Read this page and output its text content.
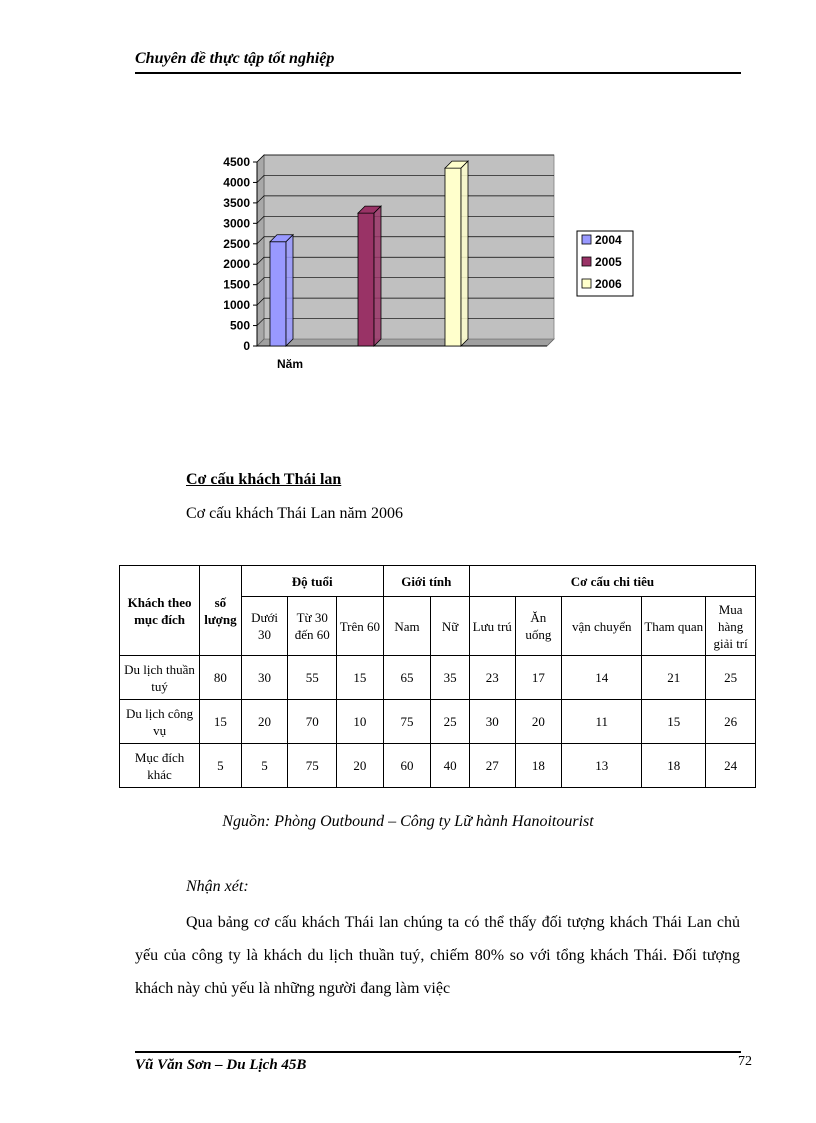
Chuyên đề thực tập tốt nghiệp
0
500
1000
1500
2000
2500
3000
3500
4000
4500
Năm
2004
2005
2006
Cơ cấu khách Thái lan
Cơ cấu khách Thái Lan năm 2006
Khách theo mục đích	số lượng	Độ tuổi			Giới tính		Cơ cấu chi tiêu				
		Dưới 30	Từ 30 đến 60	Trên 60	Nam	Nữ	Lưu trú	Ăn uống	vận chuyển	Tham quan	Mua hàng giải trí
Du lịch thuần tuý	80	30	55	15	65	35	23	17	14	21	25
Du lịch công vụ	15	20	70	10	75	25	30	20	11	15	26
Mục đích khác	5	5	75	20	60	40	27	18	13	18	24
Nguồn: Phòng Outbound – Công ty Lữ hành Hanoitourist
Nhận xét:
Qua bảng cơ cấu khách Thái lan chúng ta có thể thấy đối tượng khách Thái Lan chủ yếu của công ty là khách du lịch thuần tuý, chiếm 80% so với tổng khách Thái. Đối tượng khách này chủ yếu là những người đang làm việc
Vũ Văn Sơn – Du Lịch 45B	72
